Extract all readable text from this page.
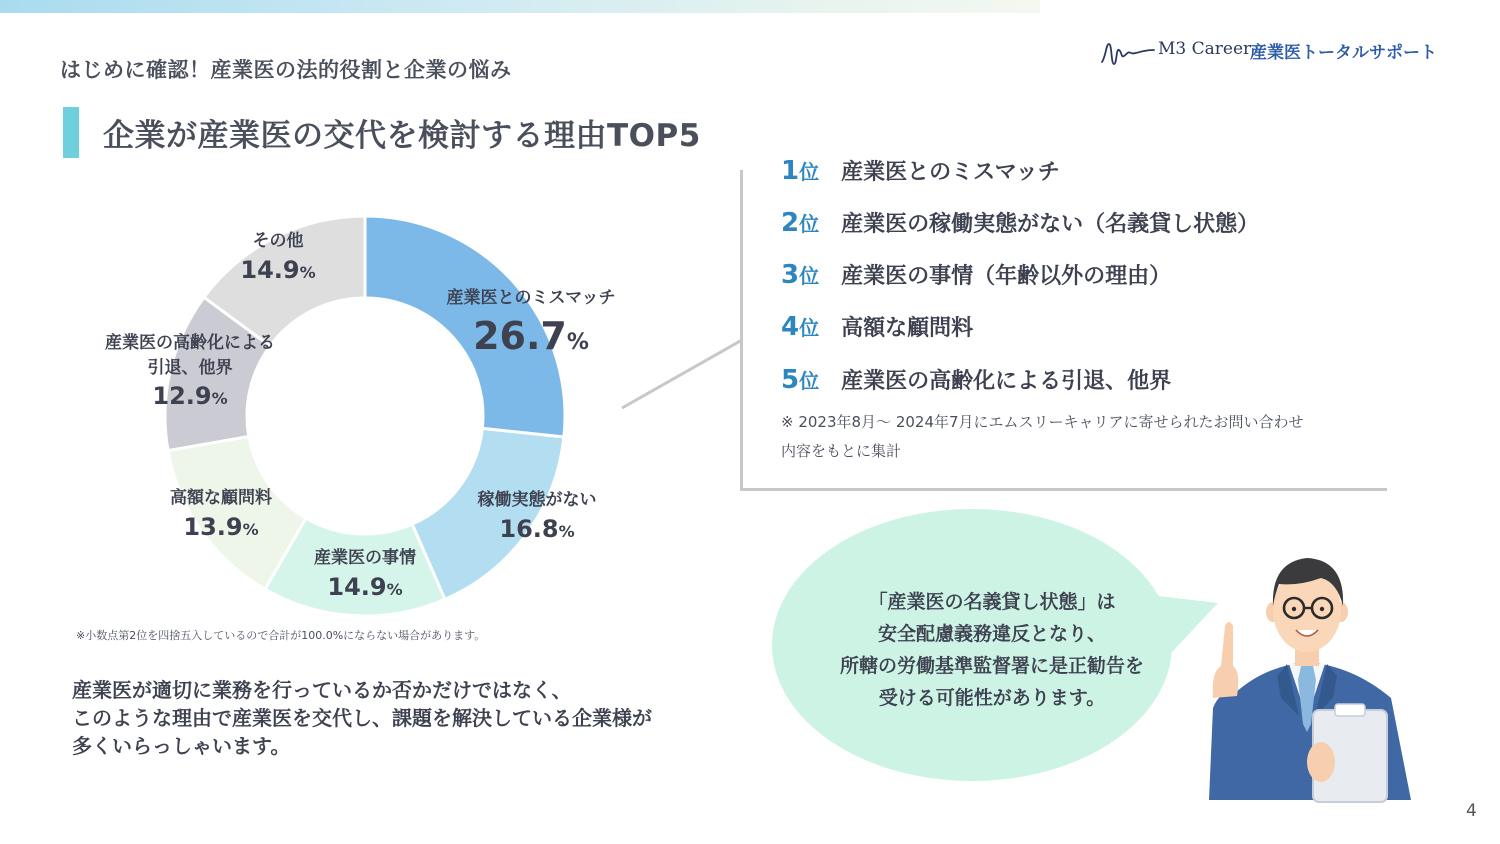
はじめに確認！産業医の法的役割と企業の悩み
M3 Career
産業医トータルサポート
企業が産業医の交代を検討する理由TOP5
産業医とのミスマッチ
26.7%
稼働実態がない
16.8%
産業医の事情
14.9%
高額な顧問料
13.9%
産業医の高齢化による
引退、他界
12.9%
その他
14.9%
※小数点第2位を四捨五入しているので合計が100.0%にならない場合があります。
産業医が適切に業務を行っているか否かだけではなく、
このような理由で産業医を交代し、課題を解決している企業様が
多くいらっしゃいます。
1位 産業医とのミスマッチ
2位 産業医の稼働実態がない（名義貸し状態）
3位 産業医の事情（年齢以外の理由）
4位 高額な顧問料
5位 産業医の高齢化による引退、他界
※ 2023年8月～ 2024年7月にエムスリーキャリアに寄せられたお問い合わせ
内容をもとに集計
「産業医の名義貸し状態」は
安全配慮義務違反となり、
所轄の労働基準監督署に是正勧告を
受ける可能性があります。
4
